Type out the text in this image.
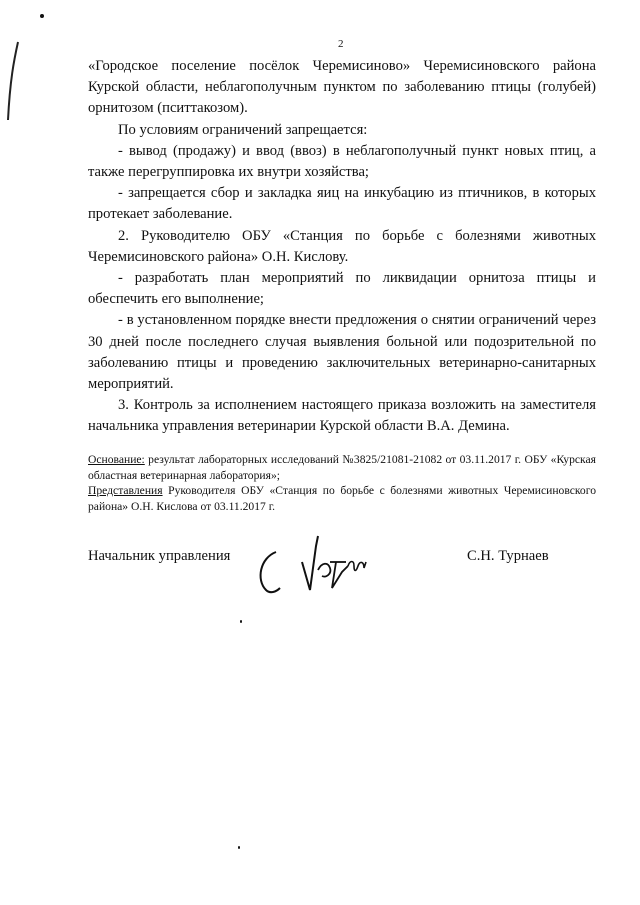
2

«Городское поселение посёлок Черемисиново» Черемисиновского района Курской области, неблагополучным пунктом по заболеванию птицы (голубей) орнитозом (пситтакозом).

По условиям ограничений запрещается:

- вывод (продажу) и ввод (ввоз) в неблагополучный пункт новых птиц, а также перегруппировка их внутри хозяйства;

- запрещается сбор и закладка яиц на инкубацию из птичников, в которых протекает заболевание.

2. Руководителю ОБУ «Станция по борьбе с болезнями животных Черемисиновского района» О.Н. Кислову.

- разработать план мероприятий по ликвидации орнитоза птицы и обеспечить его выполнение;

- в установленном порядке внести предложения о снятии ограничений через 30 дней после последнего случая выявления больной или подозрительной по заболеванию птицы и проведению заключительных ветеринарно-санитарных мероприятий.

3. Контроль за исполнением настоящего приказа возложить на заместителя начальника управления ветеринарии Курской области В.А. Демина.

Основание: результат лабораторных исследований №3825/21081-21082 от 03.11.2017 г. ОБУ «Курская областная ветеринарная лаборатория»;

Представления Руководителя ОБУ «Станция по борьбе с болезнями животных Черемисиновского района» О.Н. Кислова от 03.11.2017 г.

Начальник управления	С.Н. Турнаев
